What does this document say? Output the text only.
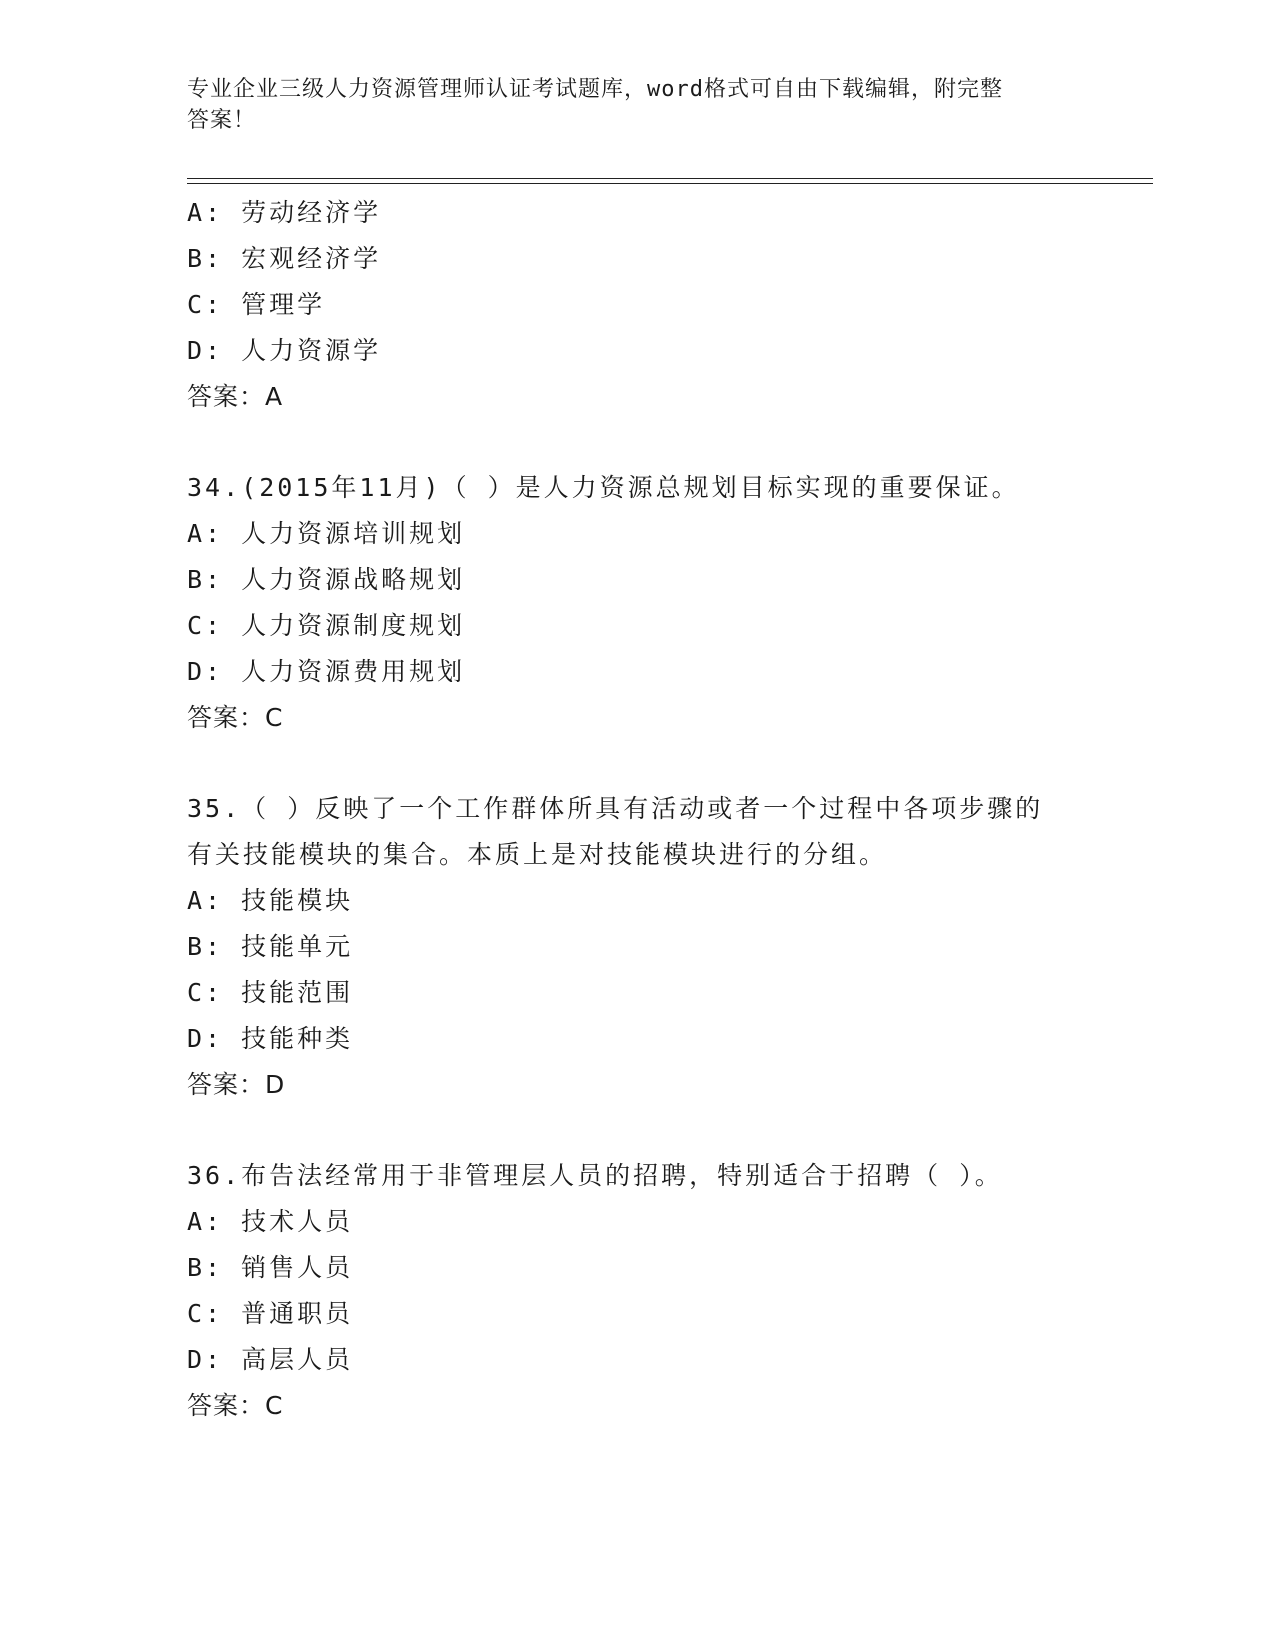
专业企业三级人力资源管理师认证考试题库，word格式可自由下载编辑，附完整
答案！
A: 劳动经济学
B: 宏观经济学
C: 管理学
D: 人力资源学
答案：A
34.(2015年11月)（ ）是人力资源总规划目标实现的重要保证。
A: 人力资源培训规划
B: 人力资源战略规划
C: 人力资源制度规划
D: 人力资源费用规划
答案：C
35.（ ）反映了一个工作群体所具有活动或者一个过程中各项步骤的
有关技能模块的集合。本质上是对技能模块进行的分组。
A: 技能模块
B: 技能单元
C: 技能范围
D: 技能种类
答案：D
36.布告法经常用于非管理层人员的招聘，特别适合于招聘（ ）。
A: 技术人员
B: 销售人员
C: 普通职员
D: 高层人员
答案：C
